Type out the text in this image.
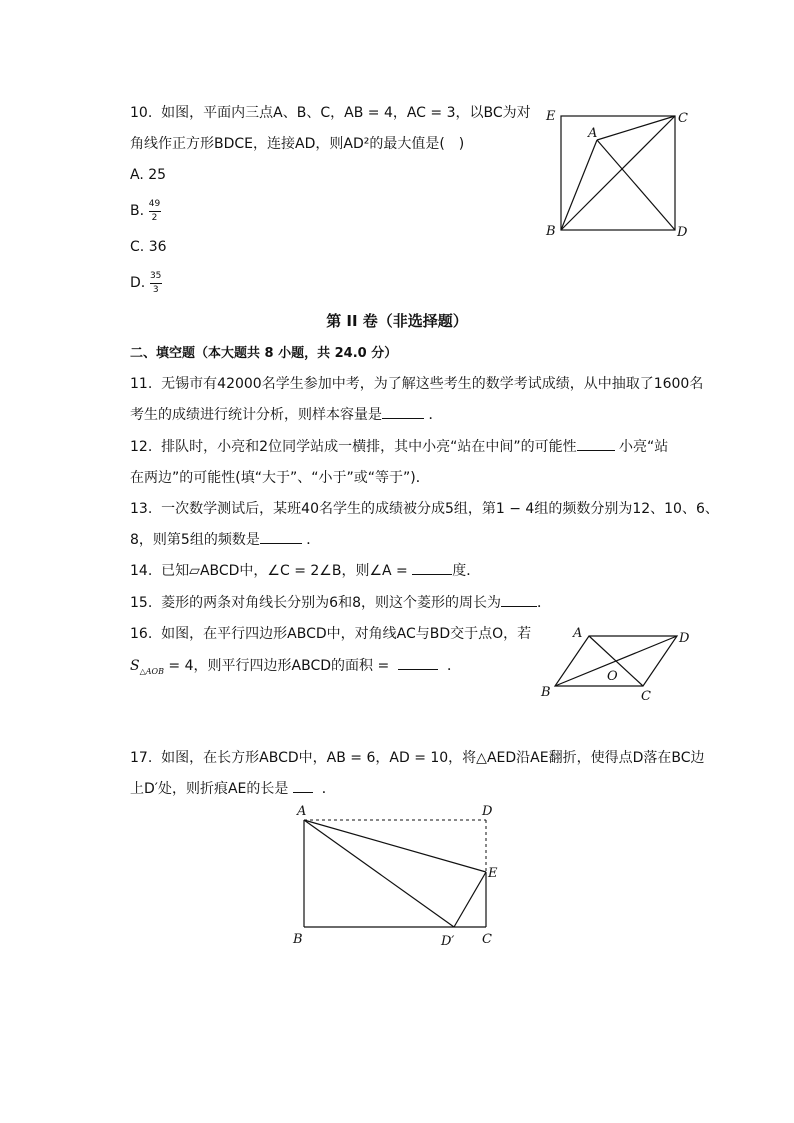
10. 如图，平面内三点A、B、C，AB = 4，AC = 3，以BC为对
角线作正方形BDCE，连接AD，则AD²的最大值是(　)
A. 25
B.
$\frac{49}{2}$
C. 36
D.
$\frac{35}{3}$
E
A
C
B	D
第 II 卷（非选择题）
二、填空题（本大题共 8 小题，共 24.0 分）
11. 无锡市有42000名学生参加中考，为了解这些考生的数学考试成绩，从中抽取了1600名
考生的成绩进行统计分析，则样本容量是	．
12. 排队时，小亮和2位同学站成一横排，其中小亮“站在中间”的可能性	小亮“站
在两边”的可能性(填“大于”、“小于”或“等于”)．
13. 一次数学测试后，某班40名学生的成绩被分成5组，第1 − 4组的频数分别为12、10、6、
8，则第5组的频数是	．
14. 已知▱ABCD中，∠C = 2∠B，则∠A =	度．
15. 菱形的两条对角线长分别为6和8，则这个菱形的周长为	．
16. 如图，在平行四边形ABCD中，对角线AC与BD交于点O，若
$S_{\triangle AOB} = 4$，则平行四边形ABCD的面积 =	．
A	D
B
O
C
17. 如图，在长方形ABCD中，AB = 6，AD = 10，将△AED沿AE翻折，使得点D落在BC边
上D′处，则折痕AE的长是 ．
A	D
E
B	D′ C
